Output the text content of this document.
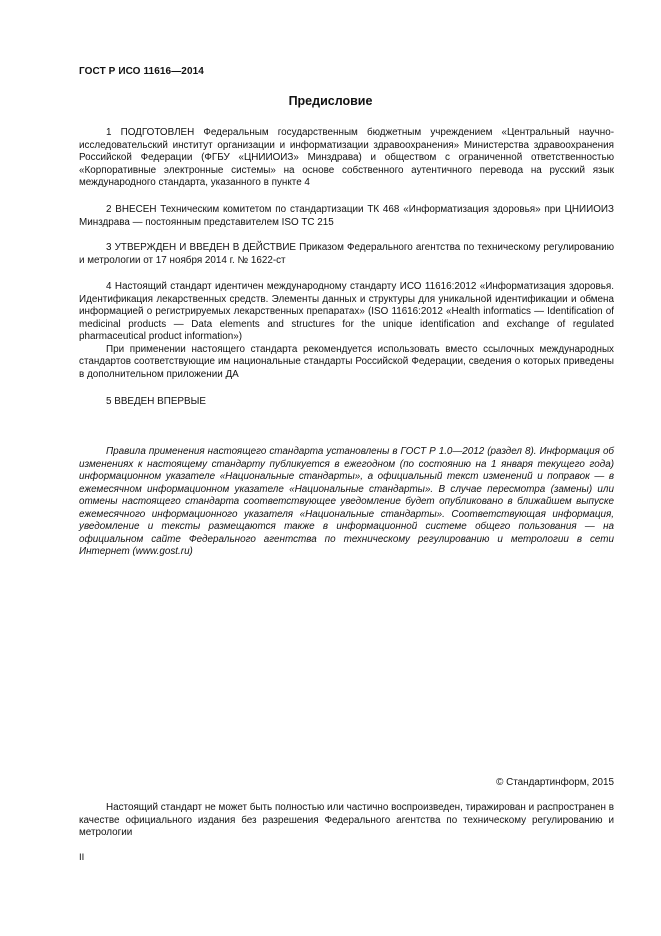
ГОСТ Р ИСО 11616—2014
Предисловие

1 ПОДГОТОВЛЕН Федеральным государственным бюджетным учреждением «Центральный научно-исследовательский институт организации и информатизации здравоохранения» Министерства здравоохранения Российской Федерации (ФГБУ «ЦНИИОИЗ» Минздрава) и обществом с ограниченной ответственностью «Корпоративные электронные системы» на основе собственного аутентичного перевода на русский язык международного стандарта, указанного в пункте 4

2 ВНЕСЕН Техническим комитетом по стандартизации ТК 468 «Информатизация здоровья» при ЦНИИОИЗ Минздрава — постоянным представителем ISO ТС 215

3 УТВЕРЖДЕН И ВВЕДЕН В ДЕЙСТВИЕ Приказом Федерального агентства по техническому регулированию и метрологии от 17 ноября 2014 г. № 1622-ст

4 Настоящий стандарт идентичен международному стандарту ИСО 11616:2012 «Информатизация здоровья. Идентификация лекарственных средств. Элементы данных и структуры для уникальной идентификации и обмена информацией о регистрируемых лекарственных препаратах» (ISO 11616:2012 «Health informatics — Identification of medicinal products — Data elements and structures for the unique identification and exchange of regulated pharmaceutical product information»)

При применении настоящего стандарта рекомендуется использовать вместо ссылочных международных стандартов соответствующие им национальные стандарты Российской Федерации, сведения о которых приведены в дополнительном приложении ДА

5 ВВЕДЕН ВПЕРВЫЕ

Правила применения настоящего стандарта установлены в ГОСТ Р 1.0—2012 (раздел 8). Информация об изменениях к настоящему стандарту публикуется в ежегодном (по состоянию на 1 января текущего года) информационном указателе «Национальные стандарты», а официальный текст изменений и поправок — в ежемесячном информационном указателе «Национальные стандарты». В случае пересмотра (замены) или отмены настоящего стандарта соответствующее уведомление будет опубликовано в ближайшем выпуске ежемесячного информационного указателя «Национальные стандарты». Соответствующая информация, уведомление и тексты размещаются также в информационной системе общего пользования — на официальном сайте Федерального агентства по техническому регулированию и метрологии в сети Интернет (www.gost.ru)

© Стандартинформ, 2015
Настоящий стандарт не может быть полностью или частично воспроизведен, тиражирован и распространен в качестве официального издания без разрешения Федерального агентства по техническому регулированию и метрологии
II
